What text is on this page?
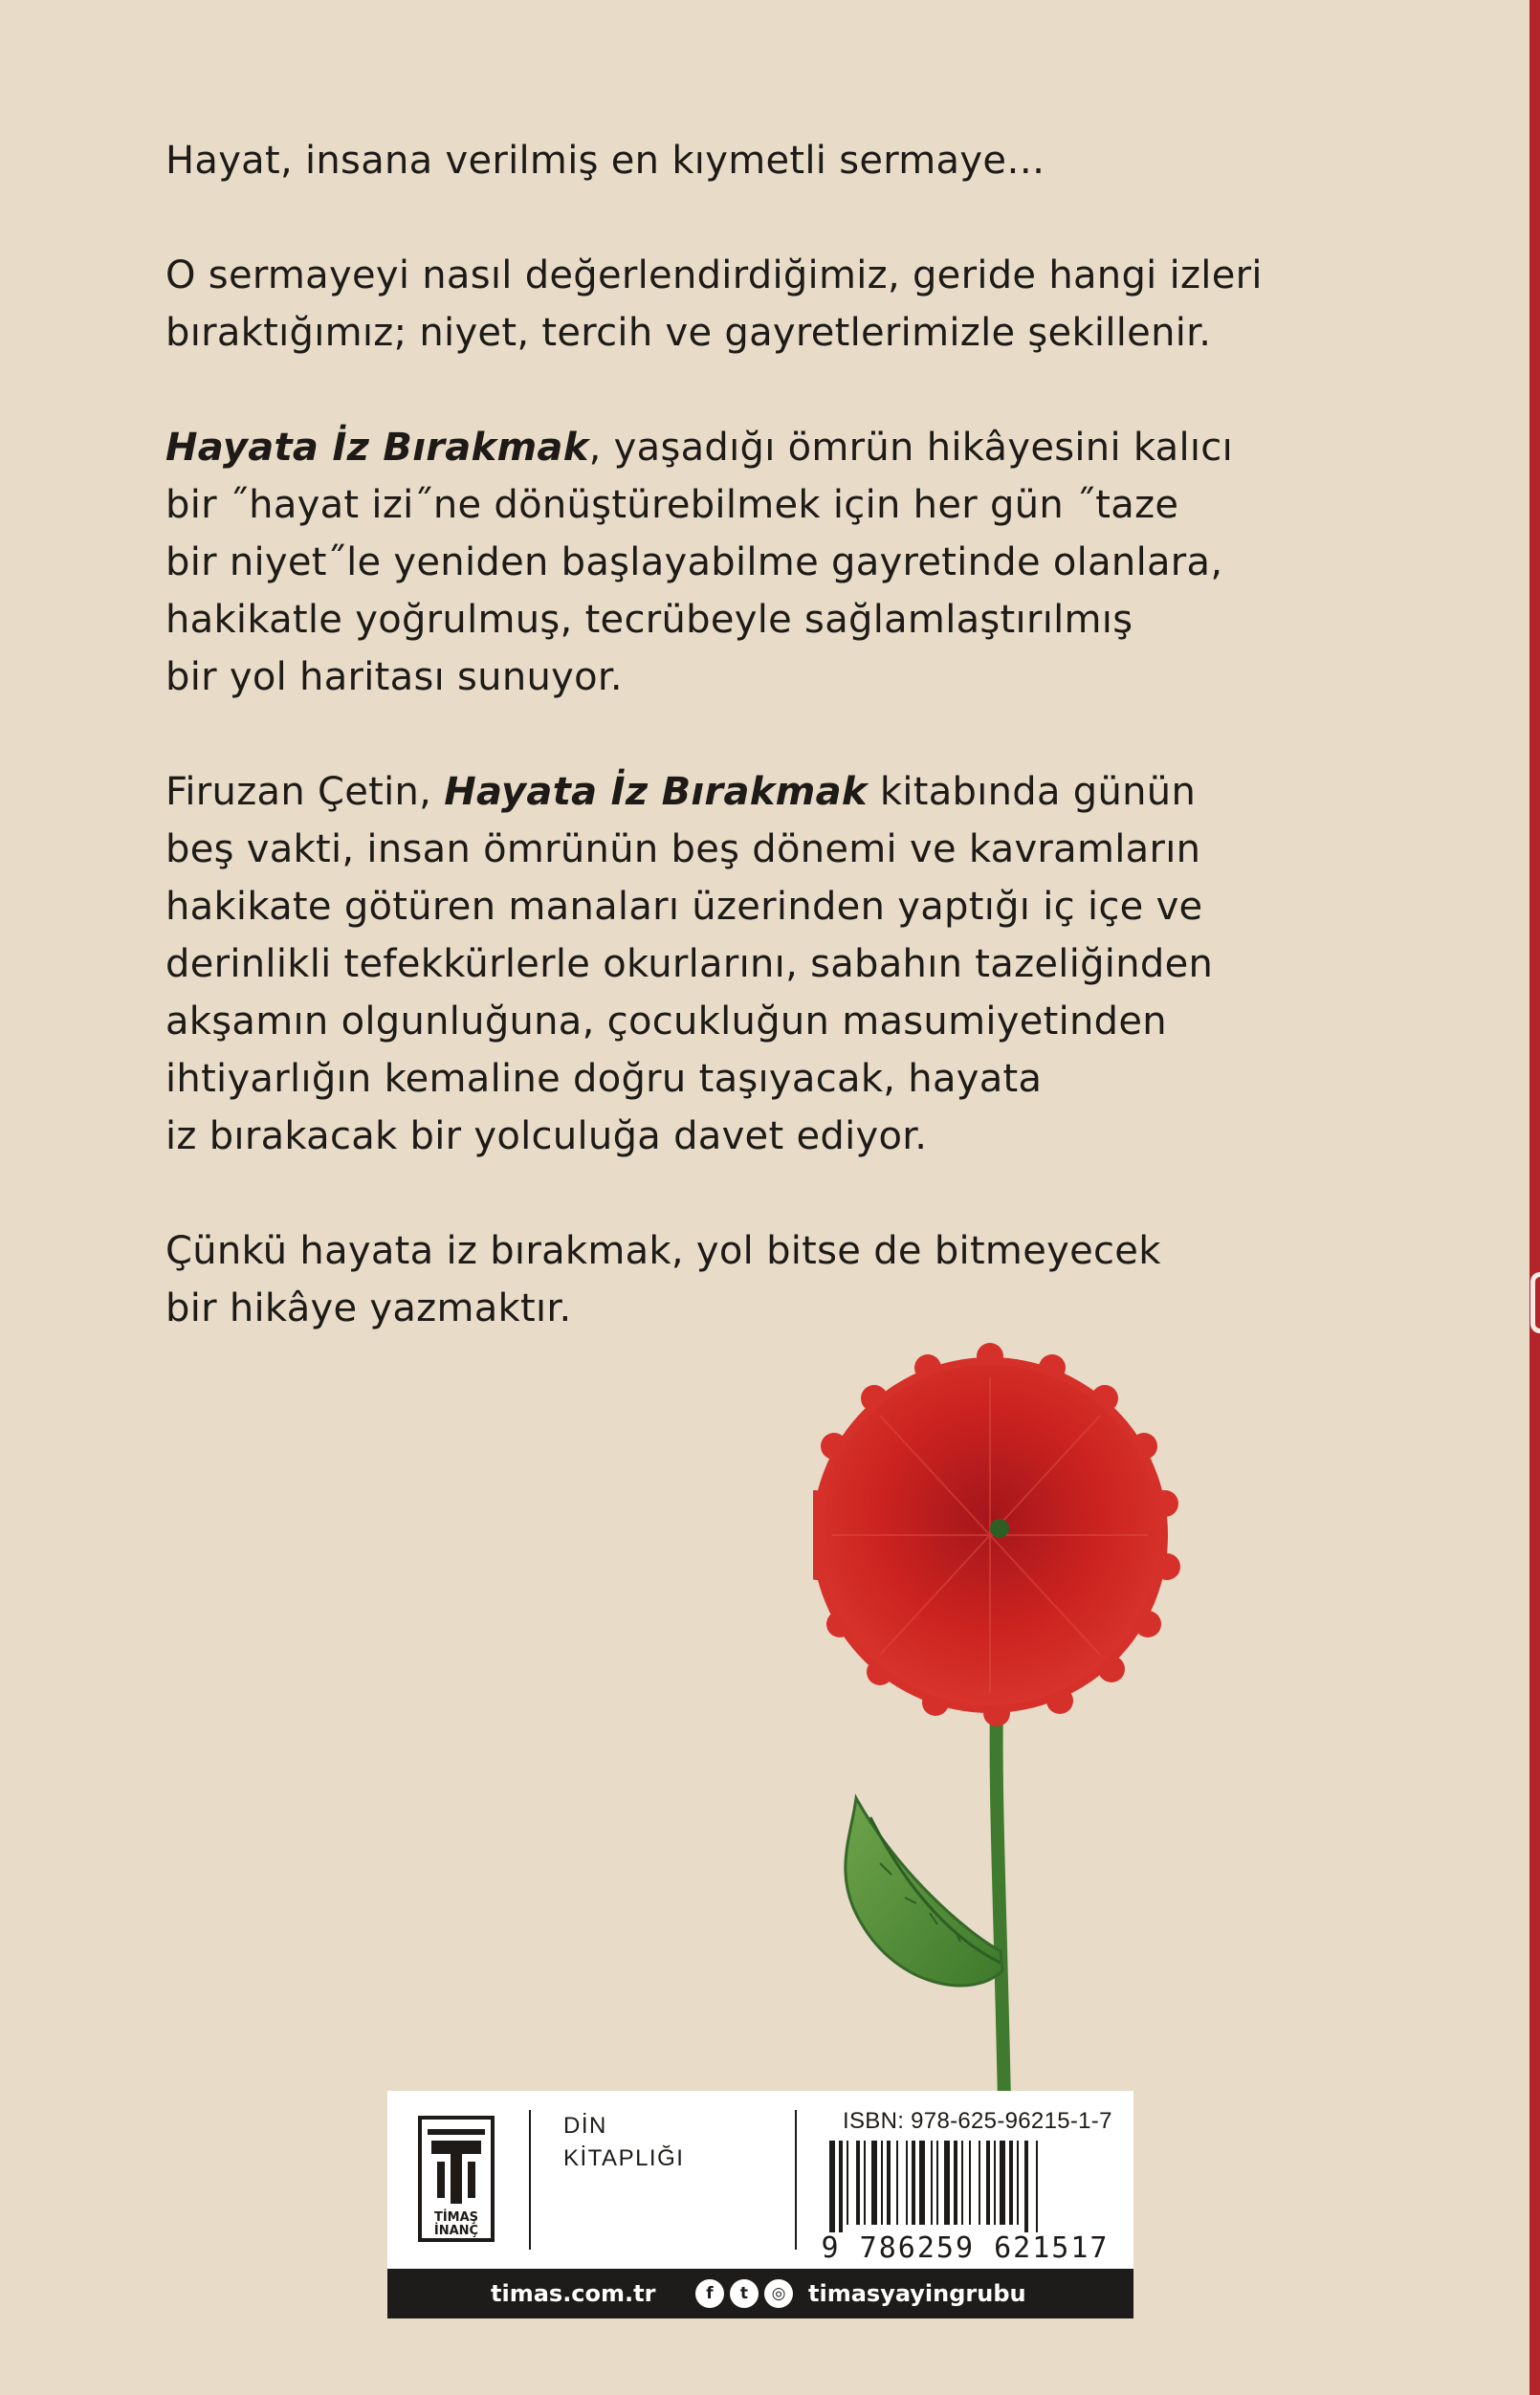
Hayat, insana verilmiş en kıymetli sermaye…

O sermayeyi nasıl değerlendirdiğimiz, geride hangi izleri
bıraktığımız; niyet, tercih ve gayretlerimizle şekillenir.

Hayata İz Bırakmak, yaşadığı ömrün hikâyesini kalıcı
bir ˝hayat izi˝ne dönüştürebilmek için her gün ˝taze
bir niyet˝le yeniden başlayabilme gayretinde olanlara,
hakikatle yoğrulmuş, tecrübeyle sağlamlaştırılmış
bir yol haritası sunuyor.

Firuzan Çetin, Hayata İz Bırakmak kitabında günün
beş vakti, insan ömrünün beş dönemi ve kavramların
hakikate götüren manaları üzerinden yaptığı iç içe ve
derinlikli tefekkürlerle okurlarını, sabahın tazeliğinden
akşamın olgunluğuna, çocukluğun masumiyetinden
ihtiyarlığın kemaline doğru taşıyacak, hayata
iz bırakacak bir yolculuğa davet ediyor.

Çünkü hayata iz bırakmak, yol bitse de bitmeyecek
bir hikâye yazmaktır.

TİMAŞ
İNANÇ
DİN
KİTAPLIĞI
ISBN: 978-625-96215-1-7
9 786259 621517
timas.com.tr	f	t	◎ timasyayingrubu
